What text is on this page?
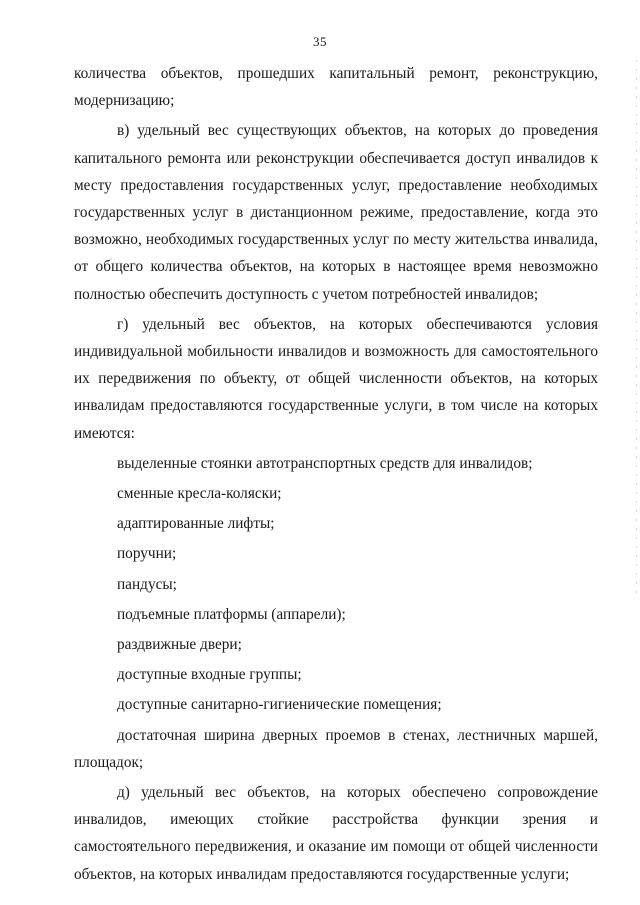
35

количества объектов, прошедших капитальный ремонт, реконструкцию, модернизацию;

в) удельный вес существующих объектов, на которых до проведения капитального ремонта или реконструкции обеспечивается доступ инвалидов к месту предоставления государственных услуг, предоставление необходимых государственных услуг в дистанционном режиме, предоставление, когда это возможно, необходимых государственных услуг по месту жительства инвалида, от общего количества объектов, на которых в настоящее время невозможно полностью обеспечить доступность с учетом потребностей инвалидов;

г) удельный вес объектов, на которых обеспечиваются условия индивидуальной мобильности инвалидов и возможность для самостоятельного их передвижения по объекту, от общей численности объектов, на которых инвалидам предоставляются государственные услуги, в том числе на которых имеются:

выделенные стоянки автотранспортных средств для инвалидов;

сменные кресла-коляски;

адаптированные лифты;

поручни;

пандусы;

подъемные платформы (аппарели);

раздвижные двери;

доступные входные группы;

доступные санитарно-гигиенические помещения;

достаточная ширина дверных проемов в стенах, лестничных маршей, площадок;

д) удельный вес объектов, на которых обеспечено сопровождение инвалидов, имеющих стойкие расстройства функции зрения и самостоятельного передвижения, и оказание им помощи от общей численности объектов, на которых инвалидам предоставляются государственные услуги;
